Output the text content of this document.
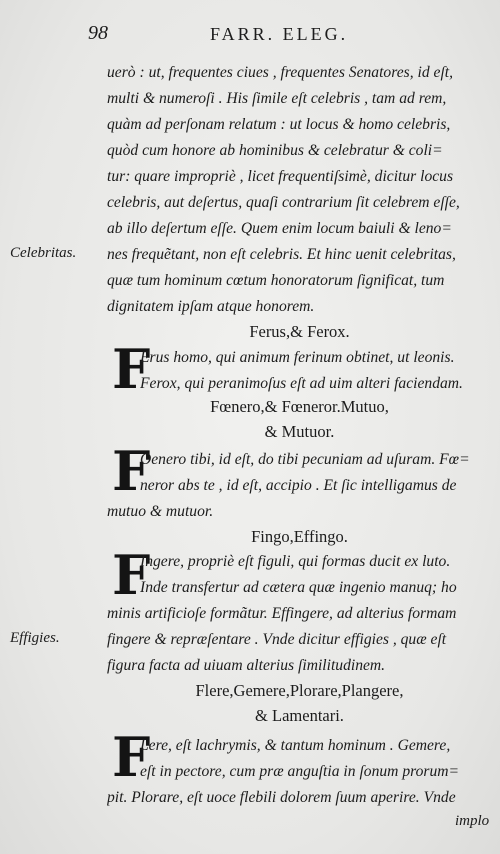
98	FARR. ELEG.
uerò : ut, frequentes ciues , frequentes Senatores, id eſt,
multi & numeroſi . His ſimile eſt celebris , tam ad rem,
quàm ad perſonam relatum : ut locus & homo celebris,
quòd cum honore ab hominibus & celebratur & coli=
tur: quare impropriè , licet frequentiſsimè, dicitur locus
celebris, aut deſertus, quaſi contrarium ſit celebrem eſſe,
ab illo deſertum eſſe. Quem enim locum baiuli & leno=
nes frequẽtant, non eſt celebris. Et hinc uenit celebritas,
quæ tum hominum cœtum honoratorum ſignificat, tum
dignitatem ipſam atque honorem.
Ferus,& Ferox.
F
Erus homo, qui animum ferinum obtinet, ut leonis.
Ferox, qui peranimoſus eſt ad uim alteri faciendam.
Fœnero,& Fœneror.Mutuo,
& Mutuor.
F
Oenero tibi, id eſt, do tibi pecuniam ad uſuram. Fœ=
neror abs te , id eſt, accipio . Et ſic intelligamus de
mutuo & mutuor.
Fingo,Effingo.
F
Ingere, propriè eſt figuli, qui formas ducit ex luto.
Inde transfertur ad cætera quæ ingenio manuq; ho
minis artificioſe formãtur. Effingere, ad alterius formam
fingere & repræſentare . Vnde dicitur effigies , quæ eſt
figura facta ad uiuam alterius ſimilitudinem.
Flere,Gemere,Plorare,Plangere,
& Lamentari.
F
Lere, eſt lachrymis, & tantum hominum . Gemere,
eſt in pectore, cum præ anguſtia in ſonum prorum=
pit. Plorare, eſt uoce flebili dolorem ſuum aperire. Vnde
Celebritas.
Effigies.
implo
